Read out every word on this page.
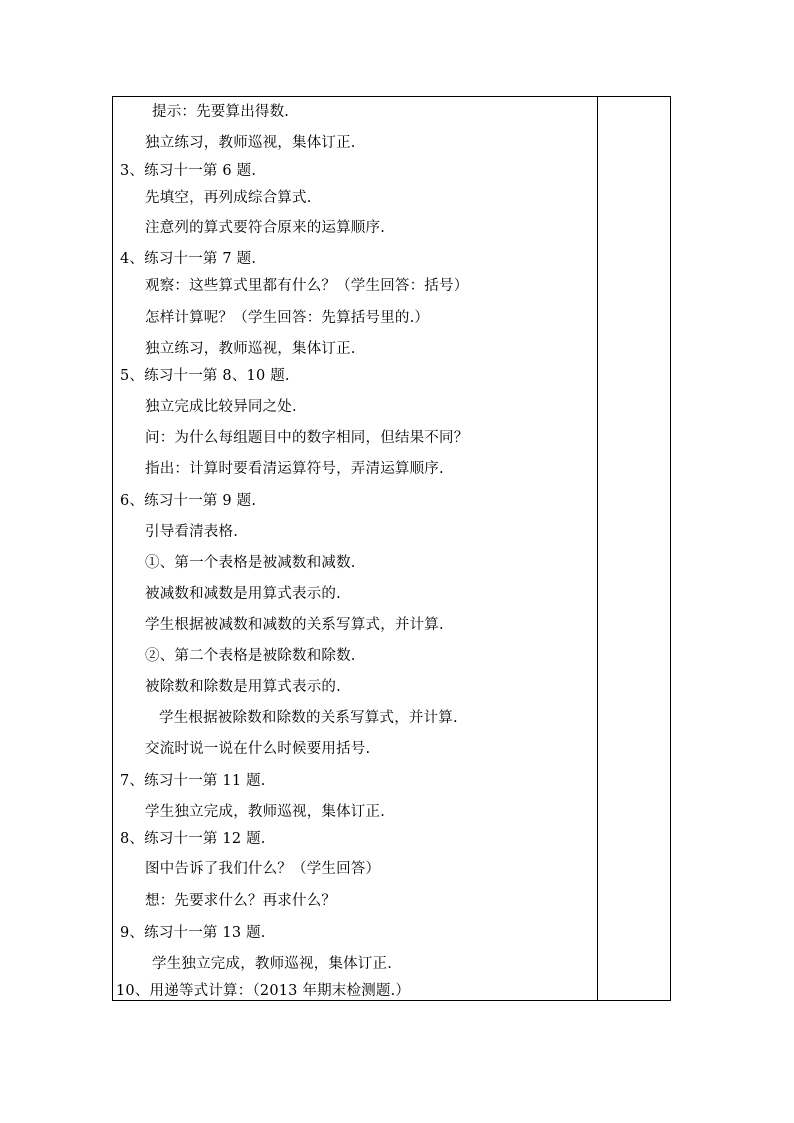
提示：先要算出得数.
独立练习，教师巡视，集体订正.
3、练习十一第 6 题.
先填空，再列成综合算式.
注意列的算式要符合原来的运算顺序.
4、练习十一第 7 题.
观察：这些算式里都有什么？（学生回答：括号）
怎样计算呢？（学生回答：先算括号里的.）
独立练习，教师巡视，集体订正.
5、练习十一第 8、10 题.
独立完成比较异同之处.
问：为什么每组题目中的数字相同，但结果不同？
指出：计算时要看清运算符号，弄清运算顺序.
6、练习十一第 9 题.
引导看清表格.
①、第一个表格是被减数和减数.
被减数和减数是用算式表示的.
学生根据被减数和减数的关系写算式，并计算.
②、第二个表格是被除数和除数.
被除数和除数是用算式表示的.
学生根据被除数和除数的关系写算式，并计算.
交流时说一说在什么时候要用括号.
7、练习十一第 11 题.
学生独立完成，教师巡视，集体订正.
8、练习十一第 12 题.
图中告诉了我们什么？（学生回答）
想：先要求什么？再求什么？
9、练习十一第 13 题.
学生独立完成，教师巡视，集体订正.
10、用递等式计算：（2013 年期末检测题.）
